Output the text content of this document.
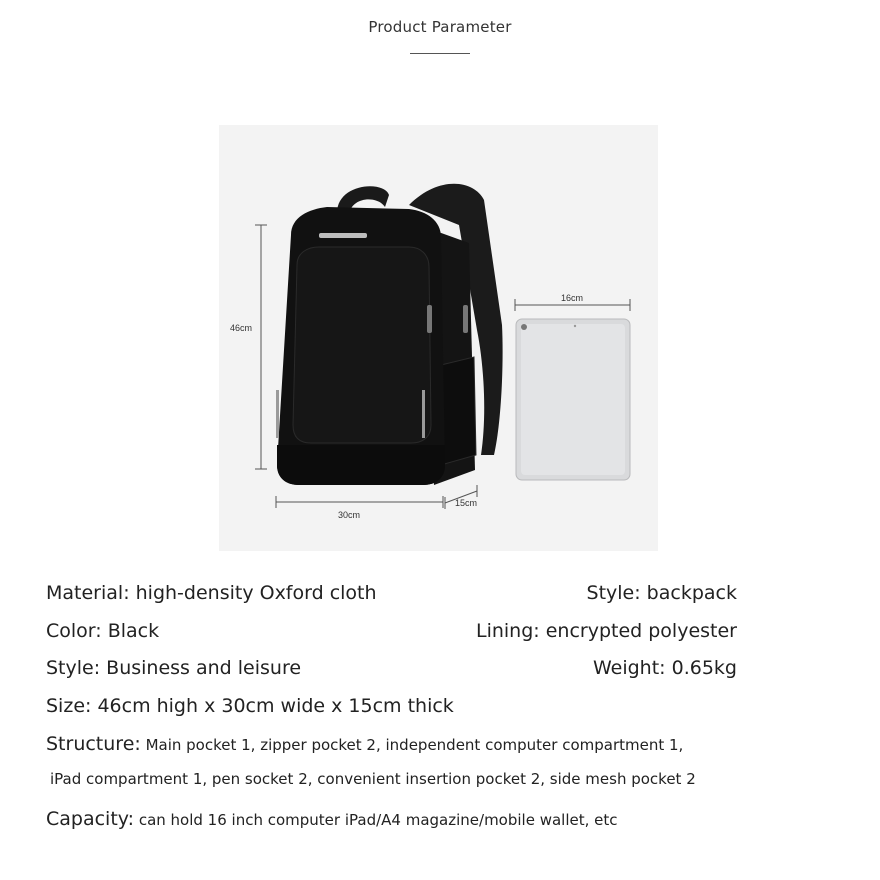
Product Parameter
46cm
30cm
15cm
16cm
Material: high-density Oxford cloth	Style: backpack
Color: Black	Lining: encrypted polyester
Style: Business and leisure	Weight: 0.65kg
Size: 46cm high x 30cm wide x 15cm thick
Structure: Main pocket 1, zipper pocket 2, independent computer compartment 1,
iPad compartment 1, pen socket 2, convenient insertion pocket 2, side mesh pocket 2
Capacity: can hold 16 inch computer iPad/A4 magazine/mobile wallet, etc
